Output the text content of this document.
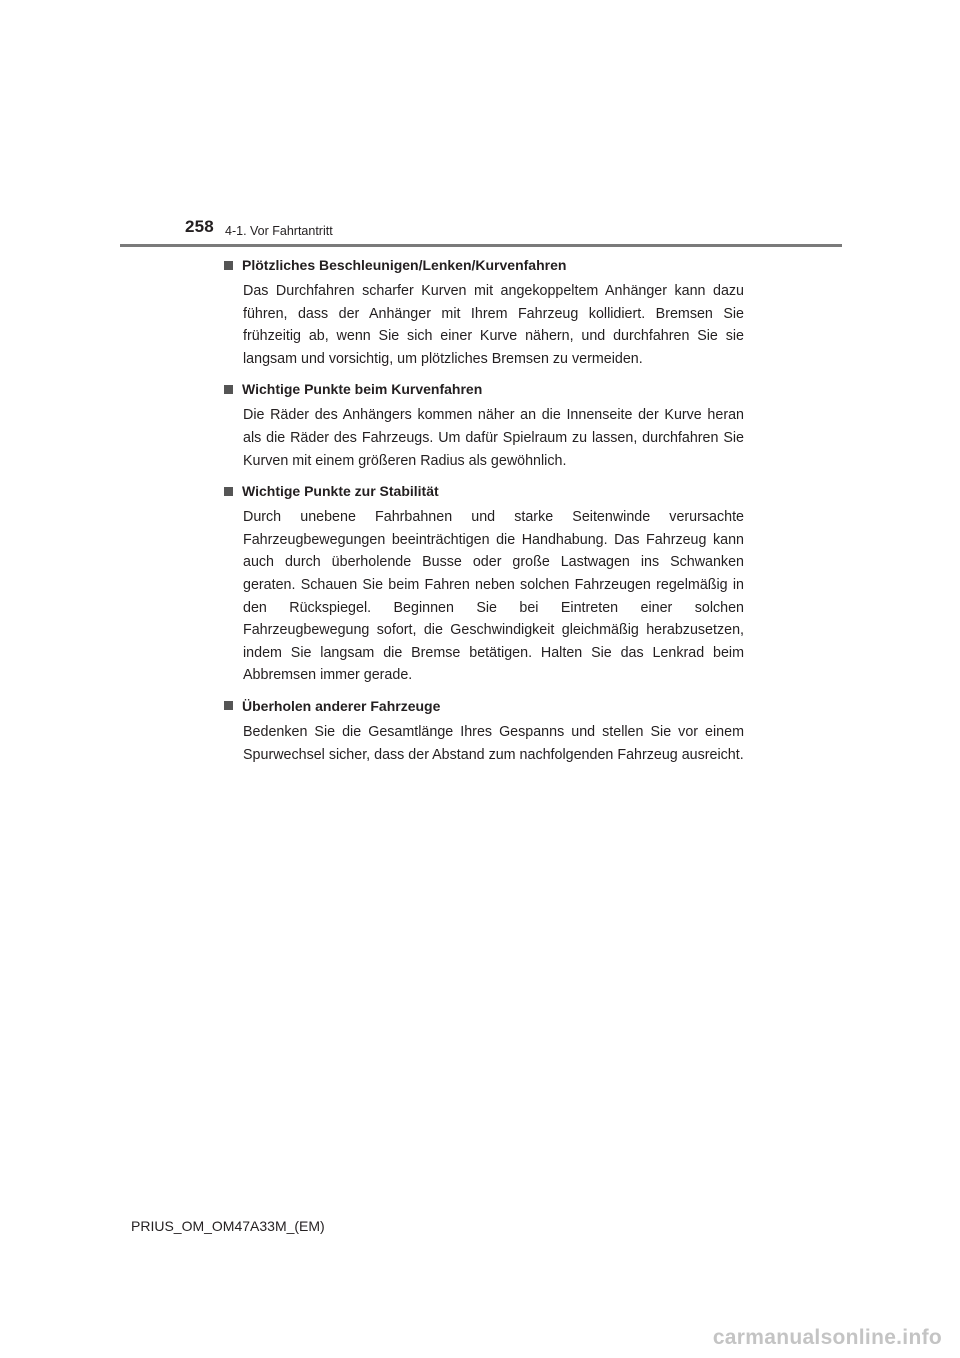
258 4-1. Vor Fahrtantritt
Plötzliches Beschleunigen/Lenken/Kurvenfahren
Das Durchfahren scharfer Kurven mit angekoppeltem Anhänger kann dazu führen, dass der Anhänger mit Ihrem Fahrzeug kollidiert. Bremsen Sie frühzeitig ab, wenn Sie sich einer Kurve nähern, und durchfahren Sie sie langsam und vorsichtig, um plötzliches Bremsen zu vermeiden.
Wichtige Punkte beim Kurvenfahren
Die Räder des Anhängers kommen näher an die Innenseite der Kurve heran als die Räder des Fahrzeugs. Um dafür Spielraum zu lassen, durchfahren Sie Kurven mit einem größeren Radius als gewöhnlich.
Wichtige Punkte zur Stabilität
Durch unebene Fahrbahnen und starke Seitenwinde verursachte Fahrzeugbewegungen beeinträchtigen die Handhabung. Das Fahrzeug kann auch durch überholende Busse oder große Lastwagen ins Schwanken geraten. Schauen Sie beim Fahren neben solchen Fahrzeugen regelmäßig in den Rückspiegel. Beginnen Sie bei Eintreten einer solchen Fahrzeugbewegung sofort, die Geschwindigkeit gleichmäßig herabzusetzen, indem Sie langsam die Bremse betätigen. Halten Sie das Lenkrad beim Abbremsen immer gerade.
Überholen anderer Fahrzeuge
Bedenken Sie die Gesamtlänge Ihres Gespanns und stellen Sie vor einem Spurwechsel sicher, dass der Abstand zum nachfolgenden Fahrzeug ausreicht.
PRIUS_OM_OM47A33M_(EM)
carmanualsonline.info
